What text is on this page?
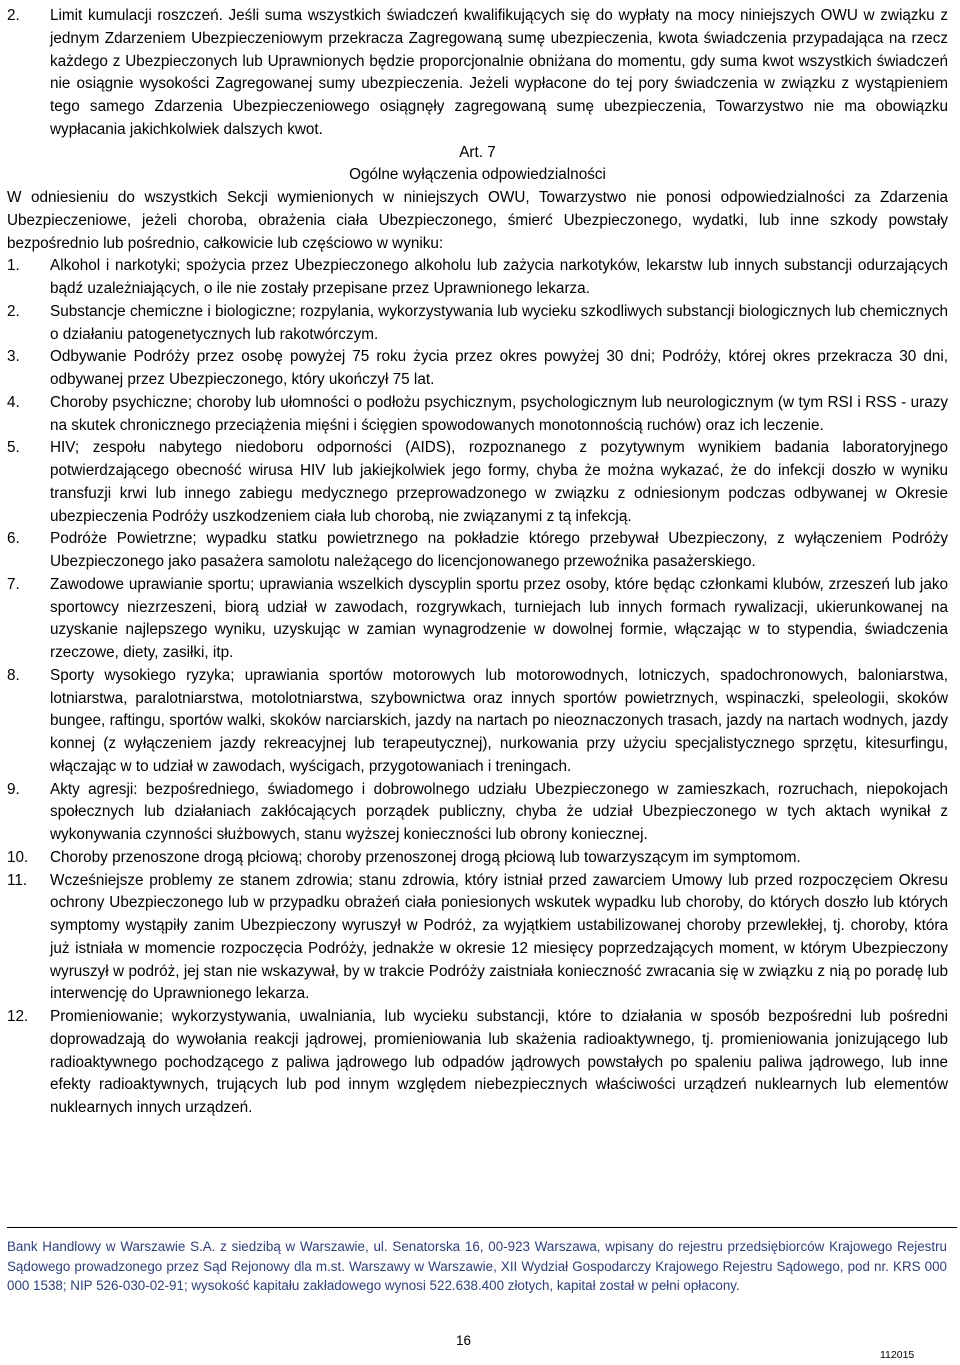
2. Limit kumulacji roszczeń. Jeśli suma wszystkich świadczeń kwalifikujących się do wypłaty na mocy niniejszych OWU w związku z jednym Zdarzeniem Ubezpieczeniowym przekracza Zagregowaną sumę ubezpieczenia, kwota świadczenia przypadająca na rzecz każdego z Ubezpieczonych lub Uprawnionych będzie proporcjonalnie obniżana do momentu, gdy suma kwot wszystkich świadczeń nie osiągnie wysokości Zagregowanej sumy ubezpieczenia. Jeżeli wypłacone do tej pory świadczenia w związku z wystąpieniem tego samego Zdarzenia Ubezpieczeniowego osiągnęły zagregowaną sumę ubezpieczenia, Towarzystwo nie ma obowiązku wypłacania jakichkolwiek dalszych kwot.

Art. 7

Ogólne wyłączenia odpowiedzialności

W odniesieniu do wszystkich Sekcji wymienionych w niniejszych OWU, Towarzystwo nie ponosi odpowiedzialności za Zdarzenia Ubezpieczeniowe, jeżeli choroba, obrażenia ciała Ubezpieczonego, śmierć Ubezpieczonego, wydatki, lub inne szkody powstały bezpośrednio lub pośrednio, całkowicie lub częściowo w wyniku:

1. Alkohol i narkotyki; spożycia przez Ubezpieczonego alkoholu lub zażycia narkotyków, lekarstw lub innych substancji odurzających bądź uzależniających, o ile nie zostały przepisane przez Uprawnionego lekarza.

2. Substancje chemiczne i biologiczne; rozpylania, wykorzystywania lub wycieku szkodliwych substancji biologicznych lub chemicznych o działaniu patogenetycznych lub rakotwórczym.

3. Odbywanie Podróży przez osobę powyżej 75 roku życia przez okres powyżej 30 dni; Podróży, której okres przekracza 30 dni, odbywanej przez Ubezpieczonego, który ukończył 75 lat.

4. Choroby psychiczne; choroby lub ułomności o podłożu psychicznym, psychologicznym lub neurologicznym (w tym RSI i RSS - urazy na skutek chronicznego przeciążenia mięśni i ścięgien spowodowanych monotonnością ruchów) oraz ich leczenie.

5. HIV; zespołu nabytego niedoboru odporności (AIDS), rozpoznanego z pozytywnym wynikiem badania laboratoryjnego potwierdzającego obecność wirusa HIV lub jakiejkolwiek jego formy, chyba że można wykazać, że do infekcji doszło w wyniku transfuzji krwi lub innego zabiegu medycznego przeprowadzonego w związku z odniesionym podczas odbywanej w Okresie ubezpieczenia Podróży uszkodzeniem ciała lub chorobą, nie związanymi z tą infekcją.

6. Podróże Powietrzne; wypadku statku powietrznego na pokładzie którego przebywał Ubezpieczony, z wyłączeniem Podróży Ubezpieczonego jako pasażera samolotu należącego do licencjonowanego przewoźnika pasażerskiego.

7. Zawodowe uprawianie sportu; uprawiania wszelkich dyscyplin sportu przez osoby, które będąc członkami klubów, zrzeszeń lub jako sportowcy niezrzeszeni, biorą udział w zawodach, rozgrywkach, turniejach lub innych formach rywalizacji, ukierunkowanej na uzyskanie najlepszego wyniku, uzyskując w zamian wynagrodzenie w dowolnej formie, włączając w to stypendia, świadczenia rzeczowe, diety, zasiłki, itp.

8. Sporty wysokiego ryzyka; uprawiania sportów motorowych lub motorowodnych, lotniczych, spadochronowych, baloniarstwa, lotniarstwa, paralotniarstwa, motolotniarstwa, szybownictwa oraz innych sportów powietrznych, wspinaczki, speleologii, skoków bungee, raftingu, sportów walki, skoków narciarskich, jazdy na nartach po nieoznaczonych trasach, jazdy na nartach wodnych, jazdy konnej (z wyłączeniem jazdy rekreacyjnej lub terapeutycznej), nurkowania przy użyciu specjalistycznego sprzętu, kitesurfingu, włączając w to udział w zawodach, wyścigach, przygotowaniach i treningach.

9. Akty agresji: bezpośredniego, świadomego i dobrowolnego udziału Ubezpieczonego w zamieszkach, rozruchach, niepokojach społecznych lub działaniach zakłócających porządek publiczny, chyba że udział Ubezpieczonego w tych aktach wynikał z wykonywania czynności służbowych, stanu wyższej konieczności lub obrony koniecznej.

10. Choroby przenoszone drogą płciową; choroby przenoszonej drogą płciową lub towarzyszącym im symptomom.

11. Wcześniejsze problemy ze stanem zdrowia; stanu zdrowia, który istniał przed zawarciem Umowy lub przed rozpoczęciem Okresu ochrony Ubezpieczonego lub w przypadku obrażeń ciała poniesionych wskutek wypadku lub choroby, do których doszło lub których symptomy wystąpiły zanim Ubezpieczony wyruszył w Podróż, za wyjątkiem ustabilizowanej choroby przewlekłej, tj. choroby, która już istniała w momencie rozpoczęcia Podróży, jednakże w okresie 12 miesięcy poprzedzających moment, w którym Ubezpieczony wyruszył w podróż, jej stan nie wskazywał, by w trakcie Podróży zaistniała konieczność zwracania się w związku z nią po poradę lub interwencję do Uprawnionego lekarza.

12. Promieniowanie; wykorzystywania, uwalniania, lub wycieku substancji, które to działania w sposób bezpośredni lub pośredni doprowadzają do wywołania reakcji jądrowej, promieniowania lub skażenia radioaktywnego, tj. promieniowania jonizującego lub radioaktywnego pochodzącego z paliwa jądrowego lub odpadów jądrowych powstałych po spaleniu paliwa jądrowego, lub inne efekty radioaktywnych, trujących lub pod innym względem niebezpiecznych właściwości urządzeń nuklearnych lub elementów nuklearnych innych urządzeń.

Bank Handlowy w Warszawie S.A. z siedzibą w Warszawie, ul. Senatorska 16, 00-923 Warszawa, wpisany do rejestru przedsiębiorców Krajowego Rejestru Sądowego prowadzonego przez Sąd Rejonowy dla m.st. Warszawy w Warszawie, XII Wydział Gospodarczy Krajowego Rejestru Sądowego, pod nr. KRS 000 000 1538; NIP 526-030-02-91; wysokość kapitału zakładowego wynosi 522.638.400 złotych, kapitał został w pełni opłacony.
16
112015
